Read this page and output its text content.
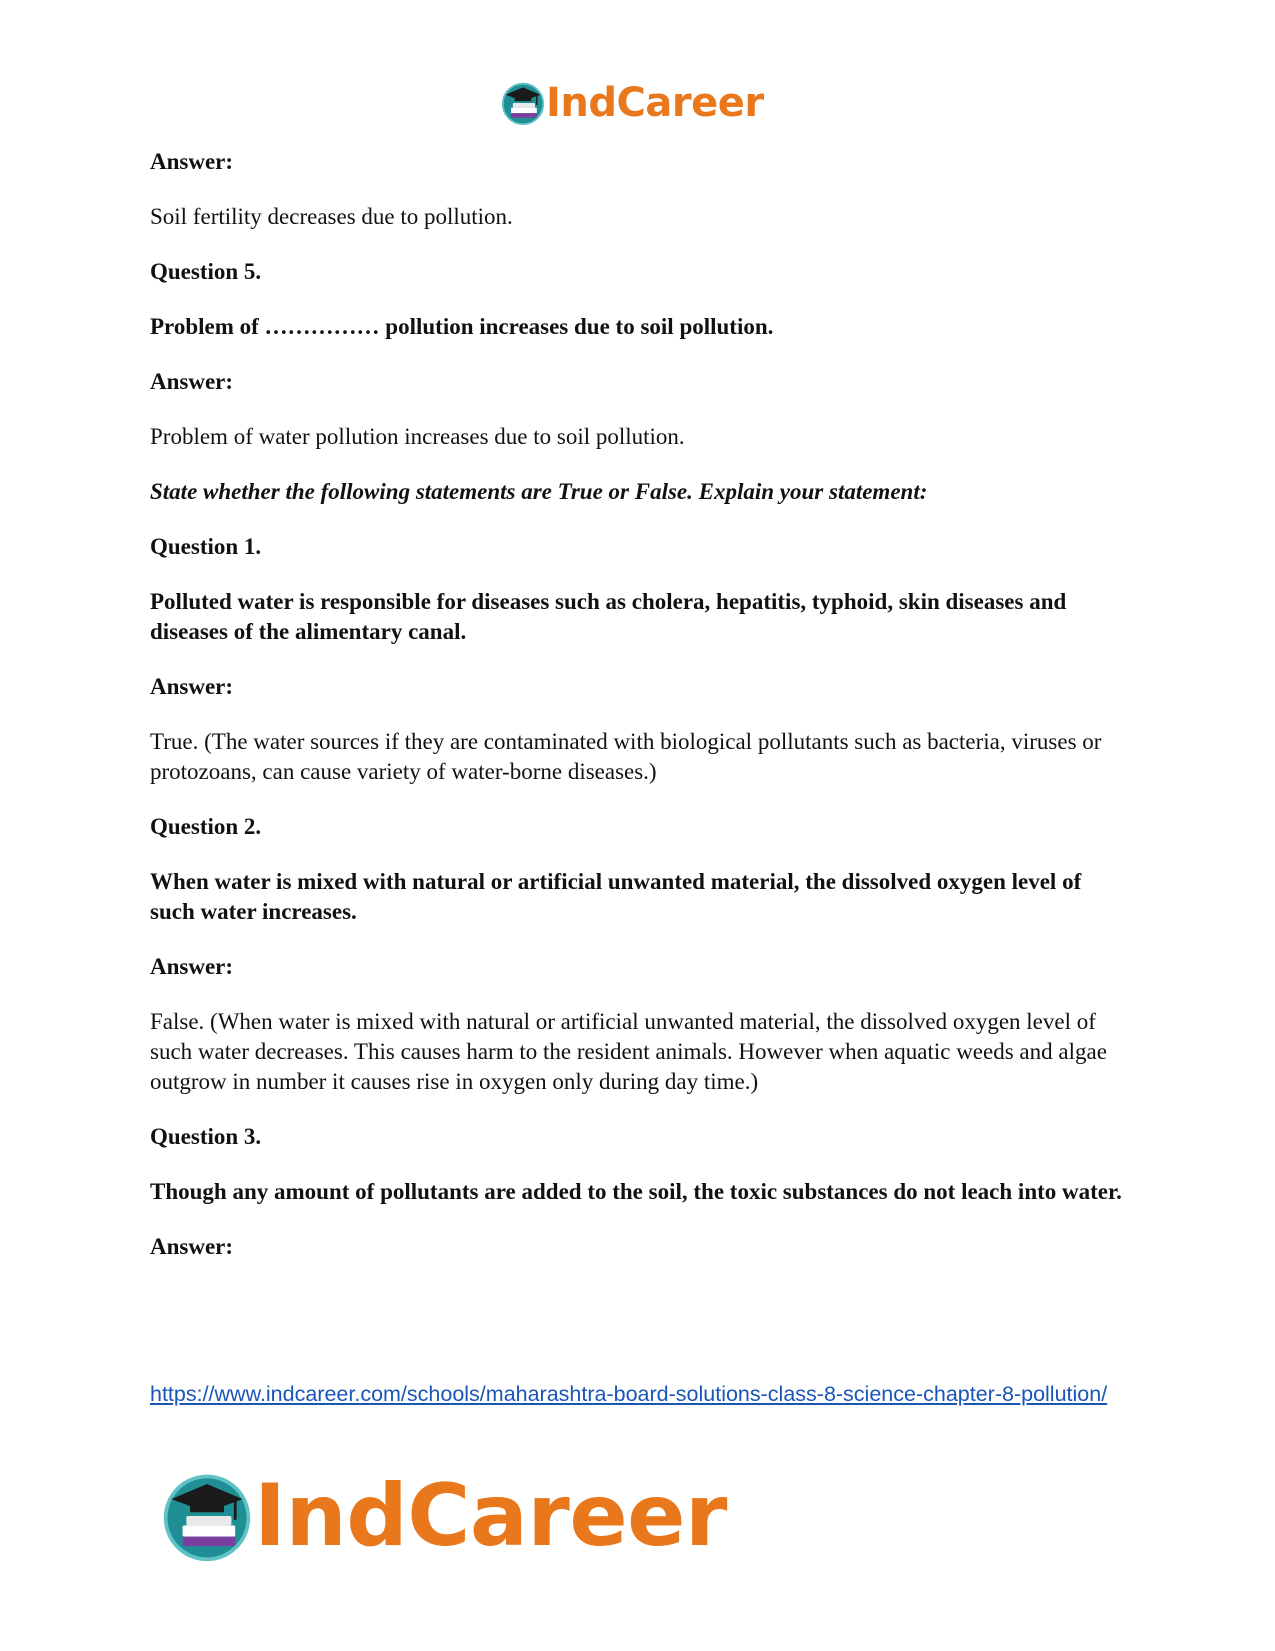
IndCareer

Answer:

Soil fertility decreases due to pollution.

Question 5.

Problem of …………… pollution increases due to soil pollution.

Answer:

Problem of water pollution increases due to soil pollution.

State whether the following statements are True or False. Explain your statement:

Question 1.

Polluted water is responsible for diseases such as cholera, hepatitis, typhoid, skin diseases and diseases of the alimentary canal.

Answer:

True. (The water sources if they are contaminated with biological pollutants such as bacteria, viruses or protozoans, can cause variety of water-borne diseases.)

Question 2.

When water is mixed with natural or artificial unwanted material, the dissolved oxygen level of such water increases.

Answer:

False. (When water is mixed with natural or artificial unwanted material, the dissolved oxygen level of such water decreases. This causes harm to the resident animals. However when aquatic weeds and algae outgrow in number it causes rise in oxygen only during day time.)

Question 3.

Though any amount of pollutants are added to the soil, the toxic substances do not leach into water.

Answer:

https://www.indcareer.com/schools/maharashtra-board-solutions-class-8-science-chapter-8-pollution/
IndCareer
